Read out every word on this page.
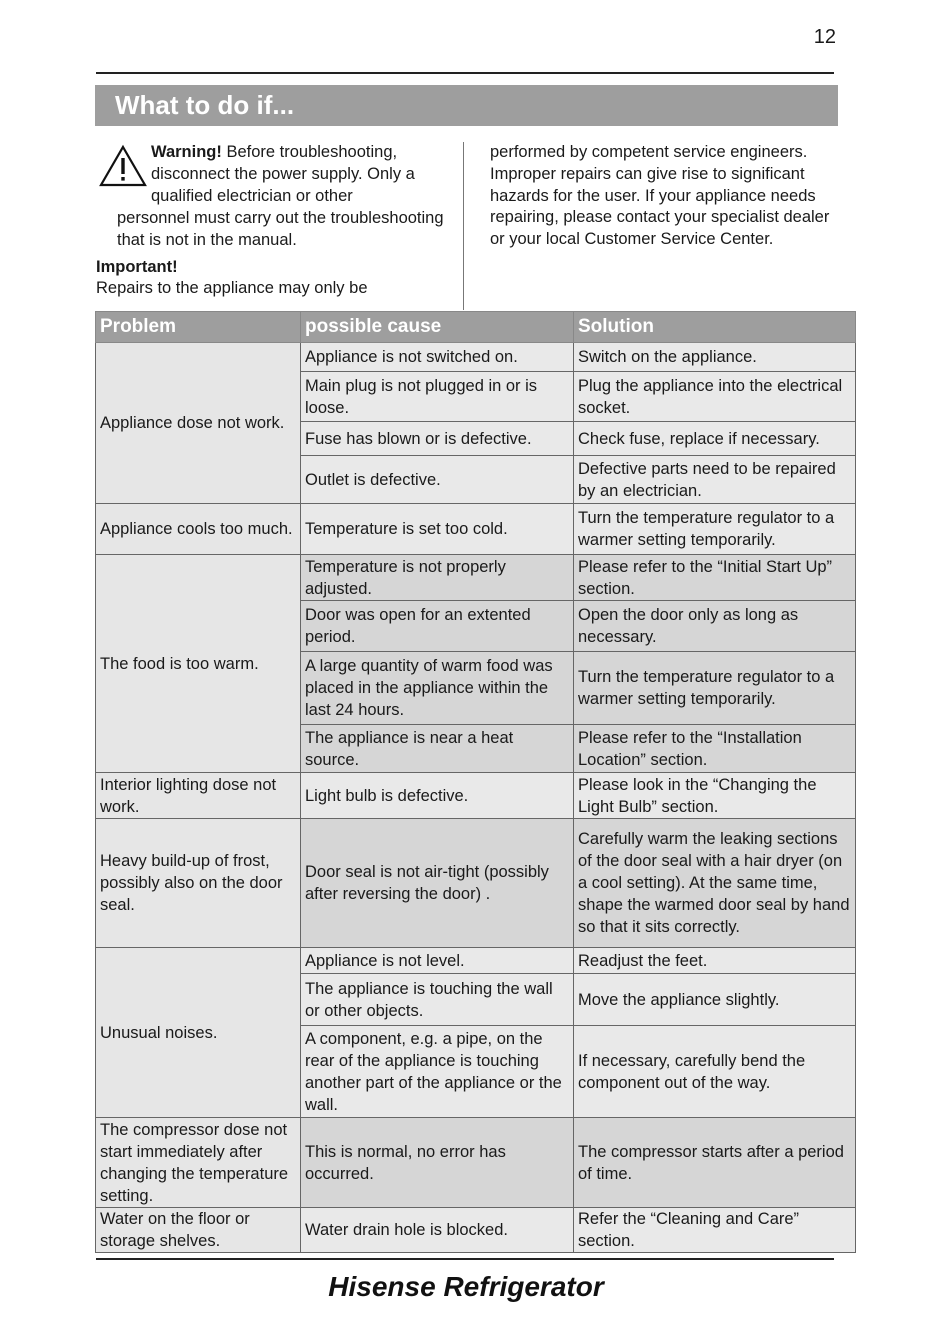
12
What to do if...
Warning! Before troubleshooting, disconnect the power supply. Only a qualified electrician or other
personnel must carry out the troubleshooting that is not in the manual.
Important!
Repairs to the appliance may only be
performed by competent service engineers. Improper repairs can give rise to significant hazards for the user. If your appliance needs repairing, please contact your specialist dealer or your local Customer Service Center.
Problem	possible cause	Solution
Appliance dose not work.	Appliance is not switched on.	Switch on the appliance.
	Main plug is not plugged in or is loose.	Plug the appliance into the electrical socket.
	Fuse has blown or is defective.	Check fuse, replace if necessary.
	Outlet is defective.	Defective parts need to be repaired by an electrician.
Appliance cools too much.	Temperature is set too cold.	Turn the temperature regulator to a warmer setting temporarily.
The food is too warm.	Temperature is not properly adjusted.	Please refer to the “Initial Start Up” section.
	Door was open for an extented period.	Open the door only as long as necessary.
	A large quantity of warm food was placed in the appliance within the last 24 hours.	Turn the temperature regulator to a warmer setting temporarily.
	The appliance is near a heat source.	Please refer to the “Installation Location” section.
Interior lighting dose not work.	Light bulb is defective.	Please look in the “Changing the Light Bulb” section.
Heavy build-up of frost, possibly also on the door seal.	Door seal is not air-tight (possibly after reversing the door) .	Carefully warm the leaking sections of the door seal with a hair dryer (on a cool setting). At the same time, shape the warmed door seal by hand so that it sits correctly.
Unusual noises.	Appliance is not level.	Readjust the feet.
	The appliance is touching the wall or other objects.	Move the appliance slightly.
	A component, e.g. a pipe, on the rear of the appliance is touching another part of the appliance or the wall.	If necessary, carefully bend the component out of the way.
The compressor dose not start immediately after changing the temperature setting.	This is normal, no error has occurred.	The compressor starts after a period of time.
Water on the floor or storage shelves.	Water drain hole is blocked.	Refer the “Cleaning and Care” section.
Hisense Refrigerator
